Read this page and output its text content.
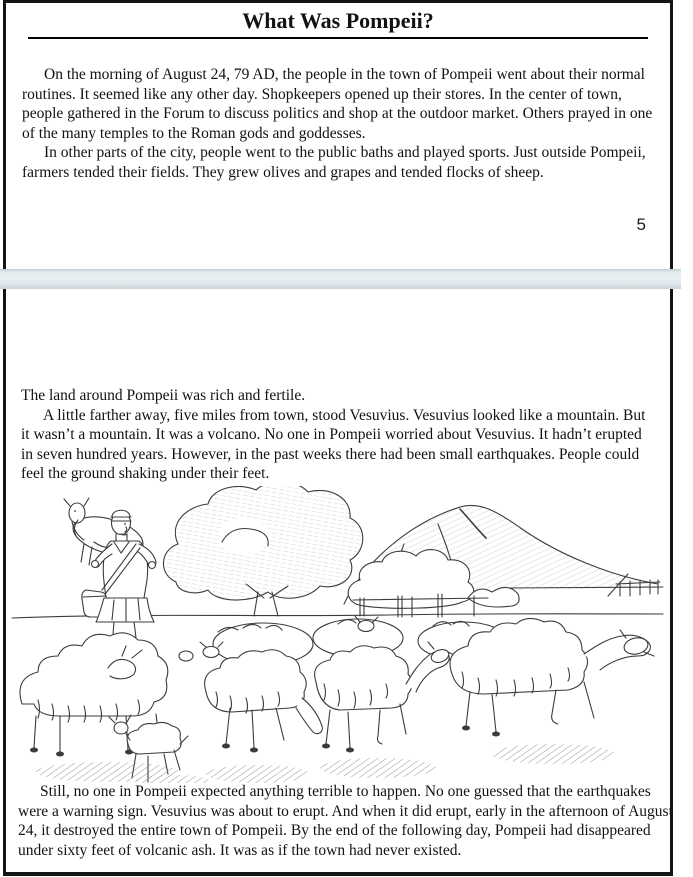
What Was Pompeii?

On the morning of August 24, 79 AD, the people in the town of Pompeii went about their normal routines. It seemed like any other day. Shopkeepers opened up their stores. In the center of town, people gathered in the Forum to discuss politics and shop at the outdoor market. Others prayed in one of the many temples to the Roman gods and goddesses.

In other parts of the city, people went to the public baths and played sports. Just outside Pompeii, farmers tended their fields. They grew olives and grapes and tended flocks of sheep.

5

The land around Pompeii was rich and fertile.

A little farther away, five miles from town, stood Vesuvius. Vesuvius looked like a mountain. But it wasn’t a mountain. It was a volcano. No one in Pompeii worried about Vesuvius. It hadn’t erupted in seven hundred years. However, in the past weeks there had been small earthquakes. People could feel the ground shaking under their feet.

Still, no one in Pompeii expected anything terrible to happen. No one guessed that the earthquakes were a warning sign. Vesuvius was about to erupt. And when it did erupt, early in the afternoon of August 24, it destroyed the entire town of Pompeii. By the end of the following day, Pompeii had disappeared under sixty feet of volcanic ash. It was as if the town had never existed.
